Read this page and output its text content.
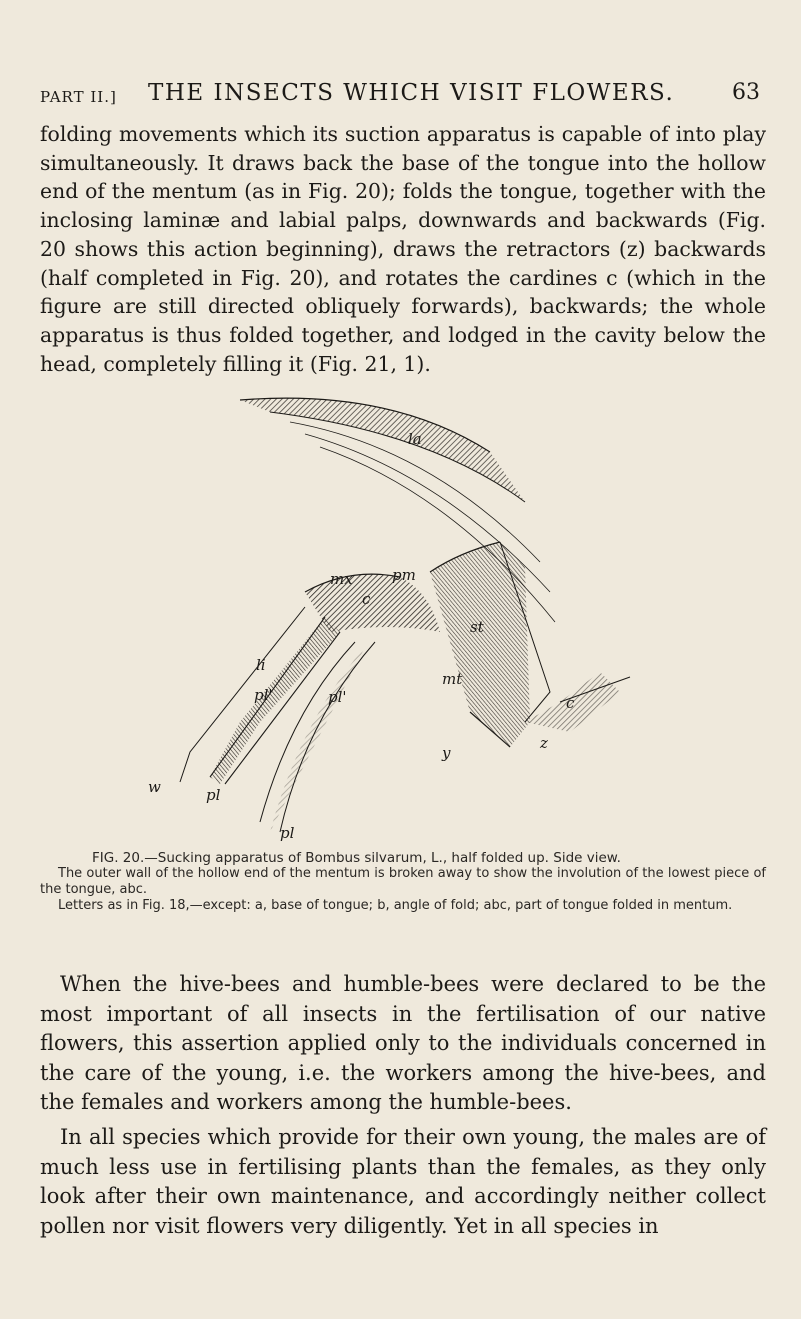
PART II.] THE INSECTS WHICH VISIT FLOWERS.	63
folding movements which its suction apparatus is capable of into play simultaneously. It draws back the base of the tongue into the hollow end of the mentum (as in Fig. 20); folds the tongue, together with the inclosing laminæ and labial palps, downwards and backwards (Fig. 20 shows this action beginning), draws the retractors (z) backwards (half completed in Fig. 20), and rotates the cardines c (which in the figure are still directed obliquely forwards), backwards; the whole apparatus is thus folded together, and lodged in the cavity below the head, completely filling it (Fig. 21, 1).
la
mx	pm
c
li
pl'	pl'
st
mt
c
z
y
w	pl
pl
FIG. 20.—Sucking apparatus of Bombus silvarum, L., half folded up. Side view.
The outer wall of the hollow end of the mentum is broken away to show the involution of the lowest piece of the tongue, abc.
Letters as in Fig. 18,—except: a, base of tongue; b, angle of fold; abc, part of tongue folded in mentum.
When the hive-bees and humble-bees were declared to be the most important of all insects in the fertilisation of our native flowers, this assertion applied only to the individuals concerned in the care of the young, i.e. the workers among the hive-bees, and the females and workers among the humble-bees.
In all species which provide for their own young, the males are of much less use in fertilising plants than the females, as they only look after their own maintenance, and accordingly neither collect pollen nor visit flowers very diligently. Yet in all species in
